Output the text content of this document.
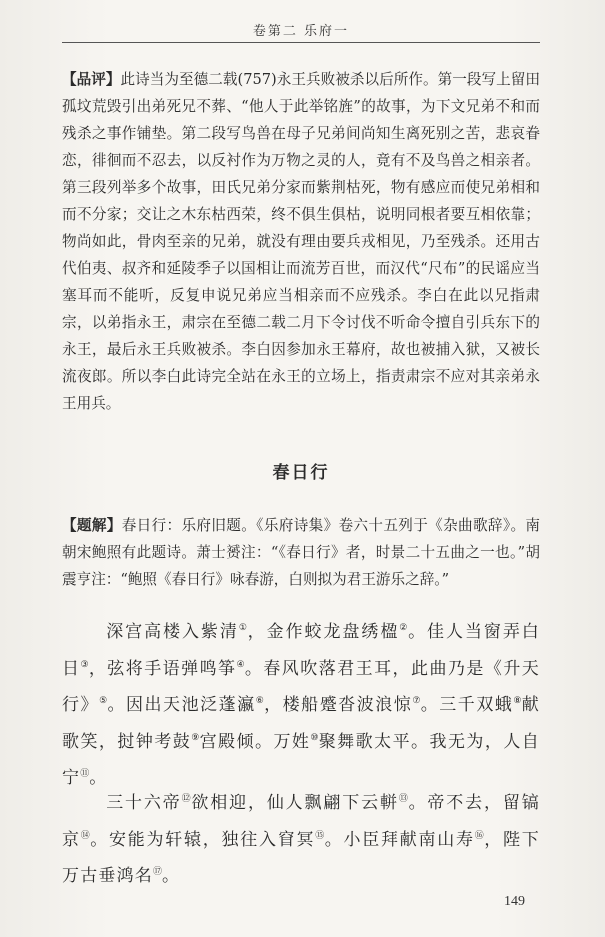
卷第二 乐府一

【品评】此诗当为至德二载(757)永王兵败被杀以后所作。第一段写上留田孤坟荒毁引出弟死兄不葬、“他人于此举铭旌”的故事，为下文兄弟不和而残杀之事作铺垫。第二段写鸟兽在母子兄弟间尚知生离死别之苦，悲哀眷恋，徘徊而不忍去，以反衬作为万物之灵的人，竟有不及鸟兽之相亲者。第三段列举多个故事，田氏兄弟分家而紫荆枯死，物有感应而使兄弟相和而不分家；交让之木东枯西荣，终不俱生俱枯，说明同根者要互相依靠；物尚如此，骨肉至亲的兄弟，就没有理由要兵戎相见，乃至残杀。还用古代伯夷、叔齐和延陵季子以国相让而流芳百世，而汉代“尺布”的民谣应当塞耳而不能听，反复申说兄弟应当相亲而不应残杀。李白在此以兄指肃宗，以弟指永王，肃宗在至德二载二月下令讨伐不听命令擅自引兵东下的永王，最后永王兵败被杀。李白因参加永王幕府，故也被捕入狱，又被长流夜郎。所以李白此诗完全站在永王的立场上，指责肃宗不应对其亲弟永王用兵。

春日行

【题解】春日行：乐府旧题。《乐府诗集》卷六十五列于《杂曲歌辞》。南朝宋鲍照有此题诗。萧士赟注：“《春日行》者，时景二十五曲之一也。”胡震亨注：“鲍照《春日行》咏春游，白则拟为君王游乐之辞。”

深宫高楼入紫清①，金作蛟龙盘绣楹②。佳人当窗弄白日③，弦将手语弹鸣筝④。春风吹落君王耳，此曲乃是《升天行》⑤。因出天池泛蓬瀛⑥，楼船蹙沓波浪惊⑦。三千双蛾⑧献歌笑，挝钟考鼓⑨宫殿倾。万姓⑩聚舞歌太平。我无为，人自宁⑪。

三十六帝⑫欲相迎，仙人飘翩下云軿⑬。帝不去，留镐京⑭。安能为轩辕，独往入窅冥⑮。小臣拜献南山寿⑯，陛下万古垂鸿名⑰。

149
